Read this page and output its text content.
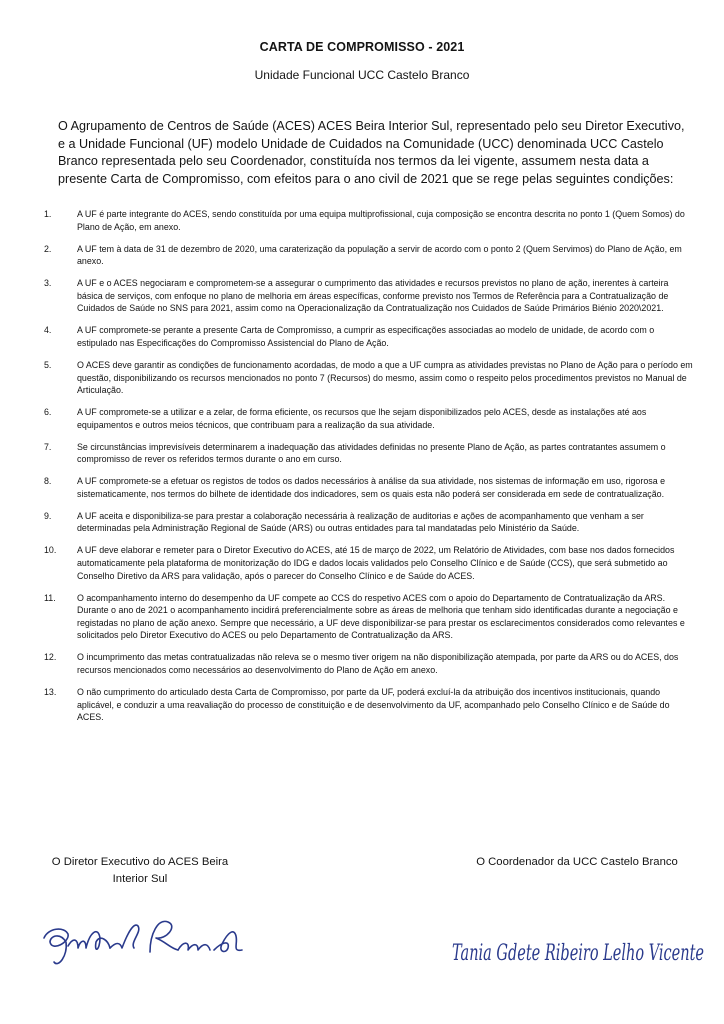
CARTA DE COMPROMISSO - 2021
Unidade Funcional UCC Castelo Branco
O Agrupamento de Centros de Saúde (ACES) ACES Beira Interior Sul, representado pelo seu Diretor Executivo, e a Unidade Funcional (UF) modelo Unidade de Cuidados na Comunidade (UCC) denominada UCC Castelo Branco representada pelo seu Coordenador, constituída nos termos da lei vigente, assumem nesta data a presente Carta de Compromisso, com efeitos para o ano civil de 2021 que se rege pelas seguintes condições:
1.	A UF é parte integrante do ACES, sendo constituída por uma equipa multiprofissional, cuja composição se encontra descrita no ponto 1 (Quem Somos) do Plano de Ação, em anexo.
2.	A UF tem à data de 31 de dezembro de 2020, uma caraterização da população a servir de acordo com o ponto 2 (Quem Servimos) do Plano de Ação, em anexo.
3.	A UF e o ACES negociaram e comprometem-se a assegurar o cumprimento das atividades e recursos previstos no plano de ação, inerentes à carteira básica de serviços, com enfoque no plano de melhoria em áreas específicas, conforme previsto nos Termos de Referência para a Contratualização de Cuidados de Saúde no SNS para 2021, assim como na Operacionalização da Contratualização nos Cuidados de Saúde Primários Biénio 2020\2021.
4.	A UF compromete-se perante a presente Carta de Compromisso, a cumprir as especificações associadas ao modelo de unidade, de acordo com o estipulado nas Especificações do Compromisso Assistencial do Plano de Ação.
5.	O ACES deve garantir as condições de funcionamento acordadas, de modo a que a UF cumpra as atividades previstas no Plano de Ação para o período em questão, disponibilizando os recursos mencionados no ponto 7 (Recursos) do mesmo, assim como o respeito pelos procedimentos previstos no Manual de Articulação.
6.	A UF compromete-se a utilizar e a zelar, de forma eficiente, os recursos que lhe sejam disponibilizados pelo ACES, desde as instalações até aos equipamentos e outros meios técnicos, que contribuam para a realização da sua atividade.
7.	Se circunstâncias imprevisíveis determinarem a inadequação das atividades definidas no presente Plano de Ação, as partes contratantes assumem o compromisso de rever os referidos termos durante o ano em curso.
8.	A UF compromete-se a efetuar os registos de todos os dados necessários à análise da sua atividade, nos sistemas de informação em uso, rigorosa e sistematicamente, nos termos do bilhete de identidade dos indicadores, sem os quais esta não poderá ser considerada em sede de contratualização.
9.	A UF aceita e disponibiliza-se para prestar a colaboração necessária à realização de auditorias e ações de acompanhamento que venham a ser determinadas pela Administração Regional de Saúde (ARS) ou outras entidades para tal mandatadas pelo Ministério da Saúde.
10.	A UF deve elaborar e remeter para o Diretor Executivo do ACES, até 15 de março de 2022, um Relatório de Atividades, com base nos dados fornecidos automaticamente pela plataforma de monitorização do IDG e dados locais validados pelo Conselho Clínico e de Saúde (CCS), que será submetido ao Conselho Diretivo da ARS para validação, após o parecer do Conselho Clínico e de Saúde do ACES.
11.	O acompanhamento interno do desempenho da UF compete ao CCS do respetivo ACES com o apoio do Departamento de Contratualização da ARS. Durante o ano de 2021 o acompanhamento incidirá preferencialmente sobre as áreas de melhoria que tenham sido identificadas durante a negociação e registadas no plano de ação anexo. Sempre que necessário, a UF deve disponibilizar-se para prestar os esclarecimentos considerados como relevantes e solicitados pelo Diretor Executivo do ACES ou pelo Departamento de Contratualização da ARS.
12.	O incumprimento das metas contratualizadas não releva se o mesmo tiver origem na não disponibilização atempada, por parte da ARS ou do ACES, dos recursos mencionados como necessários ao desenvolvimento do Plano de Ação em anexo.
13.	O não cumprimento do articulado desta Carta de Compromisso, por parte da UF, poderá excluí-la da atribuição dos incentivos institucionais, quando aplicável, e conduzir a uma reavaliação do processo de constituição e de desenvolvimento da UF, acompanhado pelo Conselho Clínico e de Saúde do ACES.
O Diretor Executivo do ACES Beira Interior Sul
O Coordenador da UCC Castelo Branco
Tania Gdete Ribeiro Lelho Vicente
